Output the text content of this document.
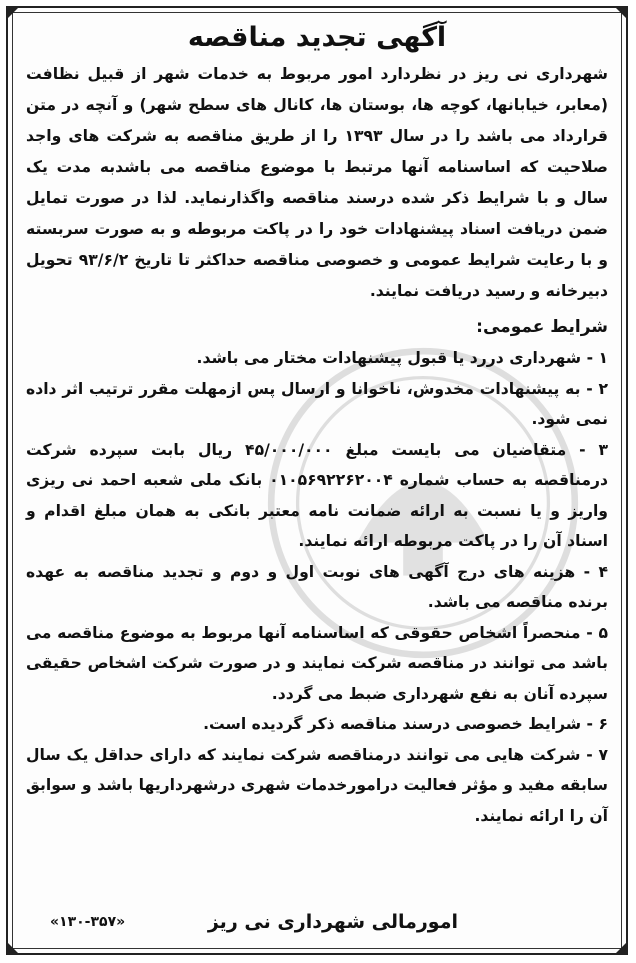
آگهی تجدید مناقصه

شهرداری نی ریز در نظردارد امور مربوط به خدمات شهر از قبیل نظافت (معابر، خیابانها، کوچه ها، بوستان ها، کانال های سطح شهر) و آنچه در متن قرارداد می باشد را در سال ۱۳۹۳ را از طریق مناقصه به شرکت های واجد صلاحیت که اساسنامه آنها مرتبط با موضوع مناقصه می باشدبه مدت یک سال و با شرایط ذکر شده درسند مناقصه واگذارنماید. لذا در صورت تمایل ضمن دریافت اسناد پیشنهادات خود را در پاکت مربوطه و به صورت سربسته و با رعایت شرایط عمومی و خصوصی مناقصه حداکثر تا تاریخ ۹۳/۶/۲ تحویل دبیرخانه و رسید دریافت نمایند.

شرایط عمومی:

۱ - شهرداری دررد یا قبول پیشنهادات مختار می باشد.

۲ - به پیشنهادات مخدوش، ناخوانا و ارسال پس ازمهلت مقرر ترتیب اثر داده نمی شود.

۳ - متقاضیان می بایست مبلغ ۴۵/۰۰۰/۰۰۰ ریال بابت سپرده شرکت درمناقصه به حساب شماره ۰۱۰۵۶۹۲۲۶۲۰۰۴ بانک ملی شعبه احمد نی ریزی واریز و یا نسبت به ارائه ضمانت نامه معتبر بانکی به همان مبلغ اقدام و اسناد آن را در پاکت مربوطه ارائه نمایند.

۴ - هزینه های درج آگهی های نوبت اول و دوم و تجدید مناقصه به عهده برنده مناقصه می باشد.

۵ - منحصراً اشخاص حقوقی که اساسنامه آنها مربوط به موضوع مناقصه می باشد می توانند در مناقصه شرکت نمایند و در صورت شرکت اشخاص حقیقی سپرده آنان به نفع شهرداری ضبط می گردد.

۶ - شرایط خصوصی درسند مناقصه ذکر گردیده است.

۷ - شرکت هایی می توانند درمناقصه شرکت نمایند که دارای حداقل یک سال سابقه مفید و مؤثر فعالیت درامورخدمات شهری درشهرداریها باشد و سوابق آن را ارائه نمایند.

امورمالی شهرداری نی ریز
«۱۳۰-۳۵۷»
